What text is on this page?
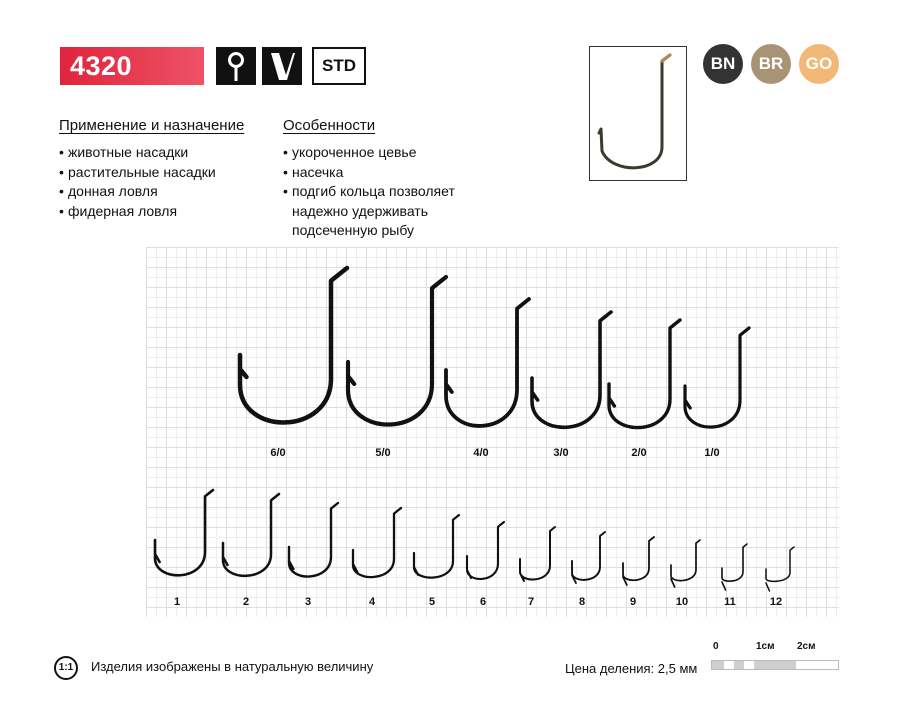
4320	STD	BN	BR	GO
Применение и назначение
• животные насадки
• растительные насадки
• донная ловля
• фидерная ловля
Особенности
• укороченное цевье
• насечка
• подгиб кольца позволяет надежно удерживать подсеченную рыбу
6/0	5/0	4/0	3/0	2/0	1/0
1	2	3	4	5	6	7	8	9	10	11	12
1:1	Изделия изображены в натуральную величину	Цена деления: 2,5 мм
0	1см 2см
